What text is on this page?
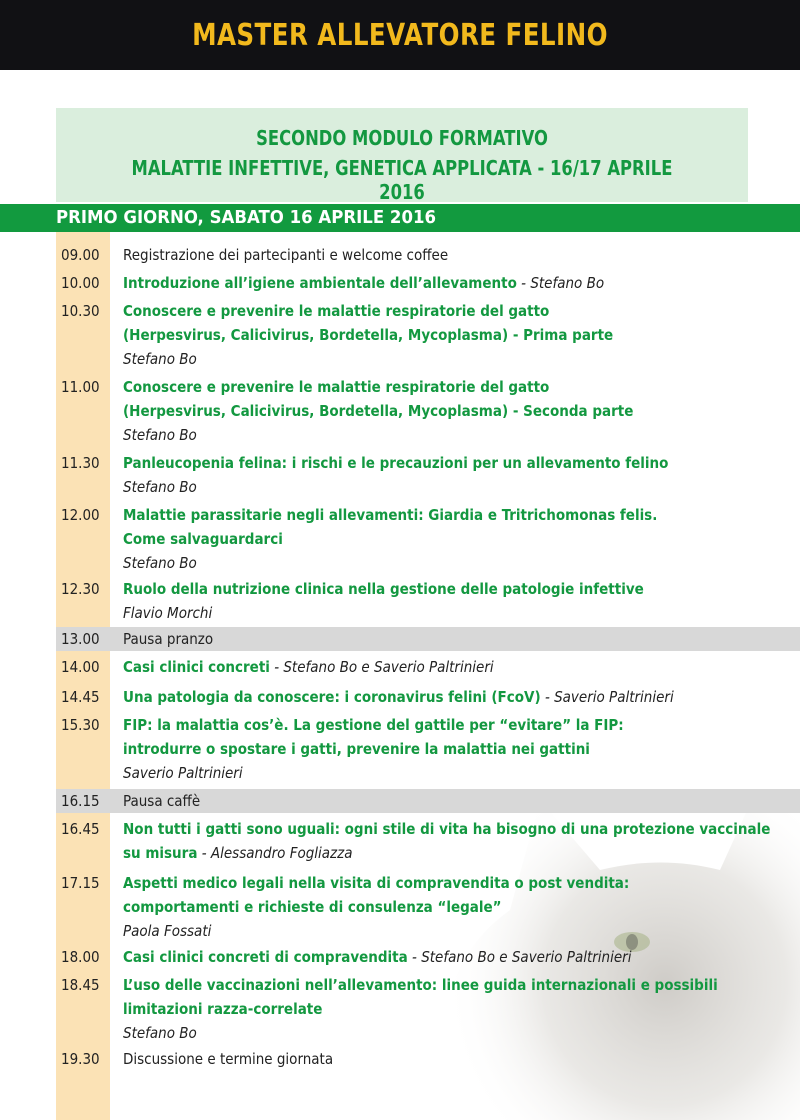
MASTER ALLEVATORE FELINO
SECONDO MODULO FORMATIVO
MALATTIE INFETTIVE, GENETICA APPLICATA - 16/17 APRILE 2016
PRIMO GIORNO, SABATO 16 APRILE 2016
09.00 Registrazione dei partecipanti e welcome coffee
10.00 Introduzione all’igiene ambientale dell’allevamento - Stefano Bo
10.30 Conoscere e prevenire le malattie respiratorie del gatto
(Herpesvirus, Calicivirus, Bordetella, Mycoplasma) - Prima parte
Stefano Bo
11.00 Conoscere e prevenire le malattie respiratorie del gatto
(Herpesvirus, Calicivirus, Bordetella, Mycoplasma) - Seconda parte
Stefano Bo
11.30 Panleucopenia felina: i rischi e le precauzioni per un allevamento felino
Stefano Bo
12.00 Malattie parassitarie negli allevamenti: Giardia e Tritrichomonas felis.
Come salvaguardarci
Stefano Bo
12.30 Ruolo della nutrizione clinica nella gestione delle patologie infettive
Flavio Morchi
13.00 Pausa pranzo
14.00 Casi clinici concreti - Stefano Bo e Saverio Paltrinieri
14.45 Una patologia da conoscere: i coronavirus felini (FcoV) - Saverio Paltrinieri
15.30 FIP: la malattia cos’è. La gestione del gattile per “evitare” la FIP:
introdurre o spostare i gatti, prevenire la malattia nei gattini
Saverio Paltrinieri
16.15 Pausa caffè
16.45 Non tutti i gatti sono uguali: ogni stile di vita ha bisogno di una protezione vaccinale
su misura - Alessandro Fogliazza
17.15 Aspetti medico legali nella visita di compravendita o post vendita:
comportamenti e richieste di consulenza “legale”
Paola Fossati
18.00 Casi clinici concreti di compravendita - Stefano Bo e Saverio Paltrinieri
18.45 L’uso delle vaccinazioni nell’allevamento: linee guida internazionali e possibili
limitazioni razza-correlate
Stefano Bo
19.30 Discussione e termine giornata
